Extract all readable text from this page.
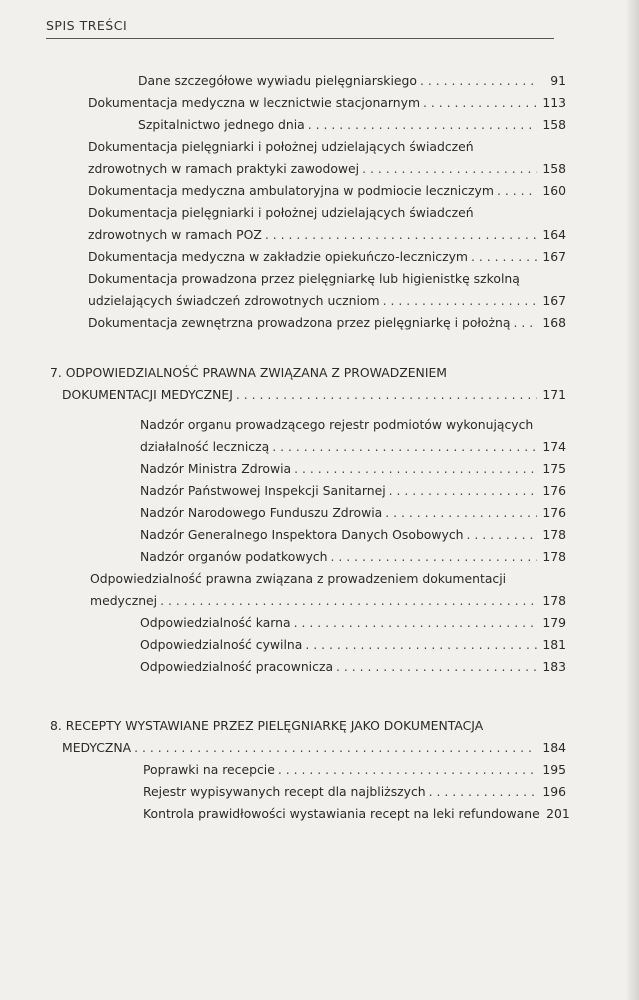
SPIS TREŚCI
Dane szczegółowe wywiadu pielęgniarskiego . . .	91
Dokumentacja medyczna w lecznictwie stacjonarnym . . .	113
Szpitalnictwo jednego dnia . . .	158
Dokumentacja pielęgniarki i położnej udzielających świadczeń
zdrowotnych w ramach praktyki zawodowej . . .	158
Dokumentacja medyczna ambulatoryjna w podmiocie leczniczym . . .	160
Dokumentacja pielęgniarki i położnej udzielających świadczeń
zdrowotnych w ramach POZ . . .	164
Dokumentacja medyczna w zakładzie opiekuńczo-leczniczym . . .	167
Dokumentacja prowadzona przez pielęgniarkę lub higienistkę szkolną
udzielających świadczeń zdrowotnych uczniom . . .	167
Dokumentacja zewnętrzna prowadzona przez pielęgniarkę i położną . . .	168
7. ODPOWIEDZIALNOŚĆ PRAWNA ZWIĄZANA Z PROWADZENIEM
DOKUMENTACJI MEDYCZNEJ . . .	171
Nadzór organu prowadzącego rejestr podmiotów wykonujących
działalność leczniczą . . .	174
Nadzór Ministra Zdrowia . . .	175
Nadzór Państwowej Inspekcji Sanitarnej . . .	176
Nadzór Narodowego Funduszu Zdrowia . . .	176
Nadzór Generalnego Inspektora Danych Osobowych . . .	178
Nadzór organów podatkowych . . .	178
Odpowiedzialność prawna związana z prowadzeniem dokumentacji
medycznej . . .	178
Odpowiedzialność karna . . .	179
Odpowiedzialność cywilna . . .	181
Odpowiedzialność pracownicza . . .	183
8. RECEPTY WYSTAWIANE PRZEZ PIELĘGNIARKĘ JAKO DOKUMENTACJA
MEDYCZNA . . .	184
Poprawki na recepcie . . .	195
Rejestr wypisywanych recept dla najbliższych . . .	196
Kontrola prawidłowości wystawiania recept na leki refundowane 201
